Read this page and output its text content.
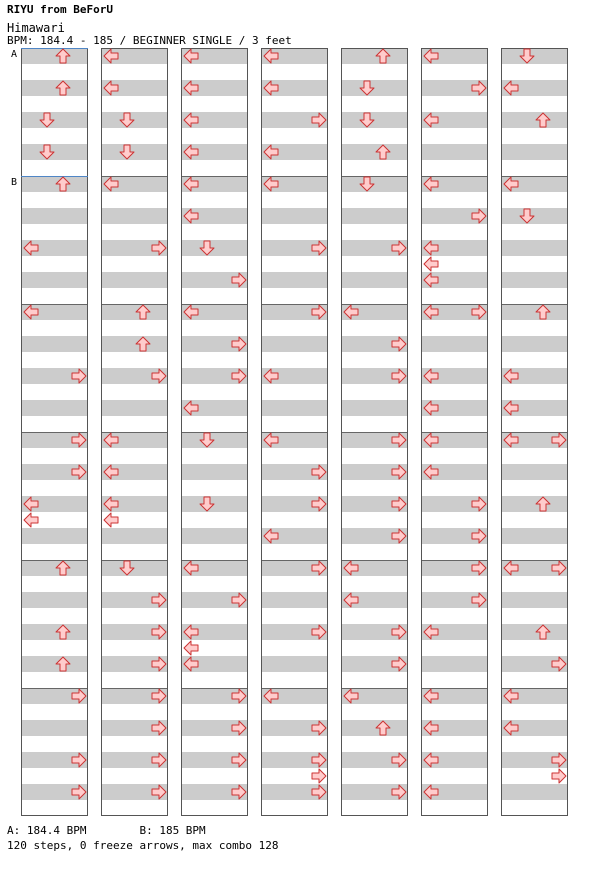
RIYU from BeForU
Himawari
BPM: 184.4 - 185 / BEGINNER SINGLE / 3 feet
A
B
A: 184.4 BPM        B: 185 BPM
120 steps, 0 freeze arrows, max combo 128
